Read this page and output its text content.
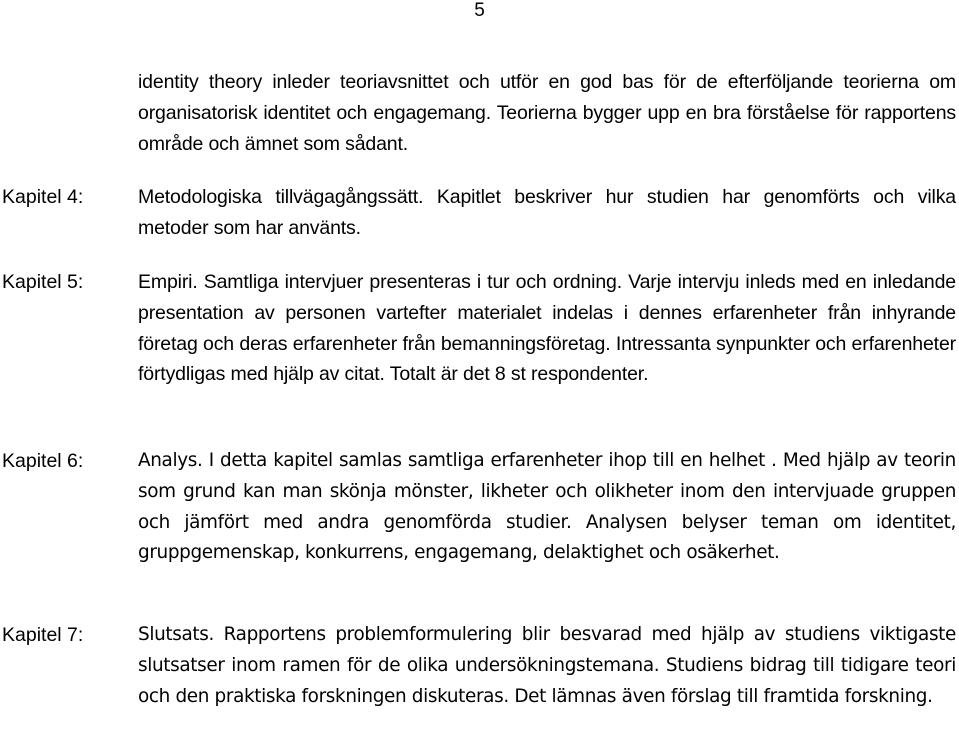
5

identity theory inleder teoriavsnittet och utför en god bas för de efterföljande teorierna om organisatorisk identitet och engagemang. Teorierna bygger upp en bra förståelse för rapportens område och ämnet som sådant.

Kapitel 4:	Metodologiska tillvägagångssätt. Kapitlet beskriver hur studien har genomförts och vilka metoder som har använts.

Kapitel 5:	Empiri. Samtliga intervjuer presenteras i tur och ordning. Varje intervju inleds med en inledande presentation av personen vartefter materialet indelas i dennes erfarenheter från inhyrande företag och deras erfarenheter från bemanningsföretag. Intressanta synpunkter och erfarenheter förtydligas med hjälp av citat. Totalt är det 8 st respondenter.

Kapitel 6:	Analys. I detta kapitel samlas samtliga erfarenheter ihop till en helhet . Med hjälp av teorin som grund kan man skönja mönster, likheter och olikheter inom den intervjuade gruppen och jämfört med andra genomförda studier. Analysen belyser teman om identitet, gruppgemenskap, konkurrens, engagemang, delaktighet och osäkerhet.

Kapitel 7:	Slutsats. Rapportens problemformulering blir besvarad med hjälp av studiens viktigaste slutsatser inom ramen för de olika undersökningstemana. Studiens bidrag till tidigare teori och den praktiska forskningen diskuteras. Det lämnas även förslag till framtida forskning.
